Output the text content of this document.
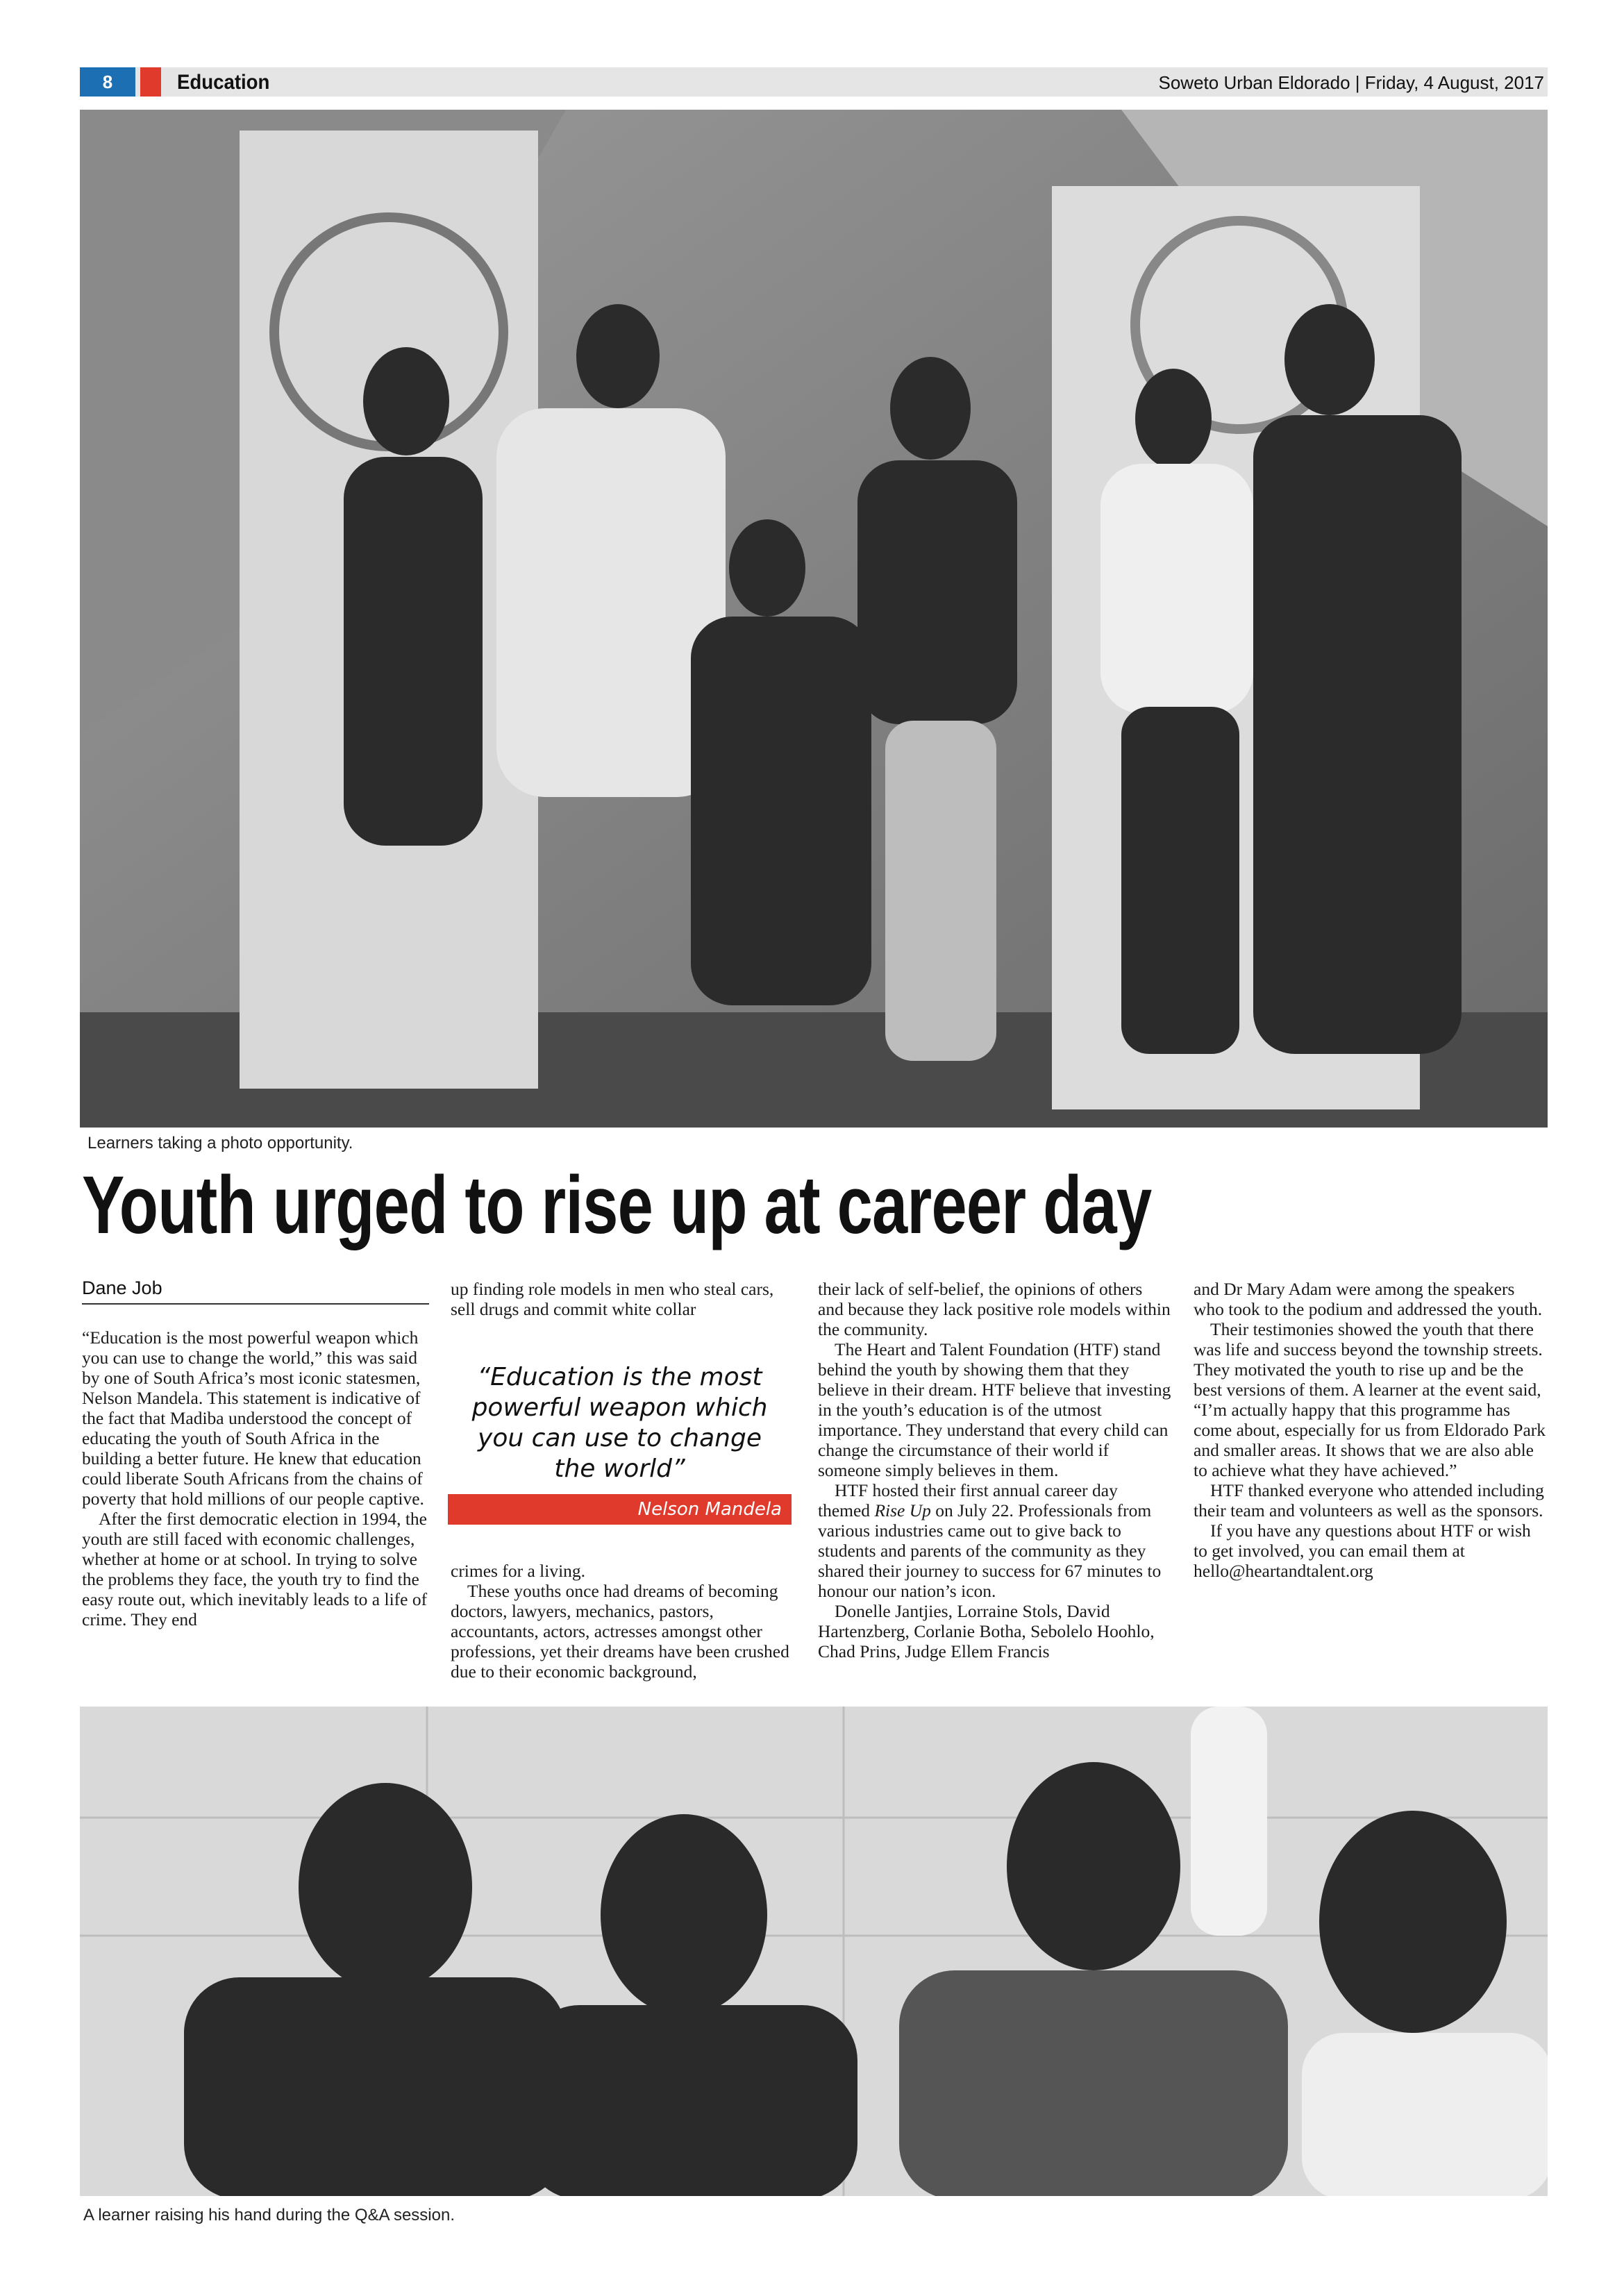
8	Education	Soweto Urban Eldorado | Friday, 4 August, 2017
Learners taking a photo opportunity.
Youth urged to rise up at career day
Dane Job

“Education is the most powerful weapon which you can use to change the world,” this was said by one of South Africa’s most iconic statesmen, Nelson Mandela. This statement is indicative of the fact that Madiba understood the concept of educating the youth of South Africa in the building a better future. He knew that education could liberate South Africans from the chains of poverty that hold millions of our people captive.

After the first democratic election in 1994, the youth are still faced with economic challenges, whether at home or at school. In trying to solve the problems they face, the youth try to find the easy route out, which inevitably leads to a life of crime. They end

up finding role models in men who steal cars, sell drugs and commit white collar

“Education is the most powerful weapon which you can use to change the world”
Nelson Mandela

crimes for a living.

These youths once had dreams of becoming doctors, lawyers, mechanics, pastors, accountants, actors, actresses amongst other professions, yet their dreams have been crushed due to their economic background,

their lack of self-belief, the opinions of others and because they lack positive role models within the community.

The Heart and Talent Foundation (HTF) stand behind the youth by showing them that they believe in their dream. HTF believe that investing in the youth’s education is of the utmost importance. They understand that every child can change the circumstance of their world if someone simply believes in them.

HTF hosted their first annual career day themed Rise Up on July 22. Professionals from various industries came out to give back to students and parents of the community as they shared their journey to success for 67 minutes to honour our nation’s icon.

Donelle Jantjies, Lorraine Stols, David Hartenzberg, Corlanie Botha, Sebolelo Hoohlo, Chad Prins, Judge Ellem Francis

and Dr Mary Adam were among the speakers who took to the podium and addressed the youth.

Their testimonies showed the youth that there was life and success beyond the township streets. They motivated the youth to rise up and be the best versions of them. A learner at the event said, “I’m actually happy that this programme has come about, especially for us from Eldorado Park and smaller areas. It shows that we are also able to achieve what they have achieved.”

HTF thanked everyone who attended including their team and volunteers as well as the sponsors.

If you have any questions about HTF or wish to get involved, you can email them at hello@heartandtalent.org

A learner raising his hand during the Q&A session.
